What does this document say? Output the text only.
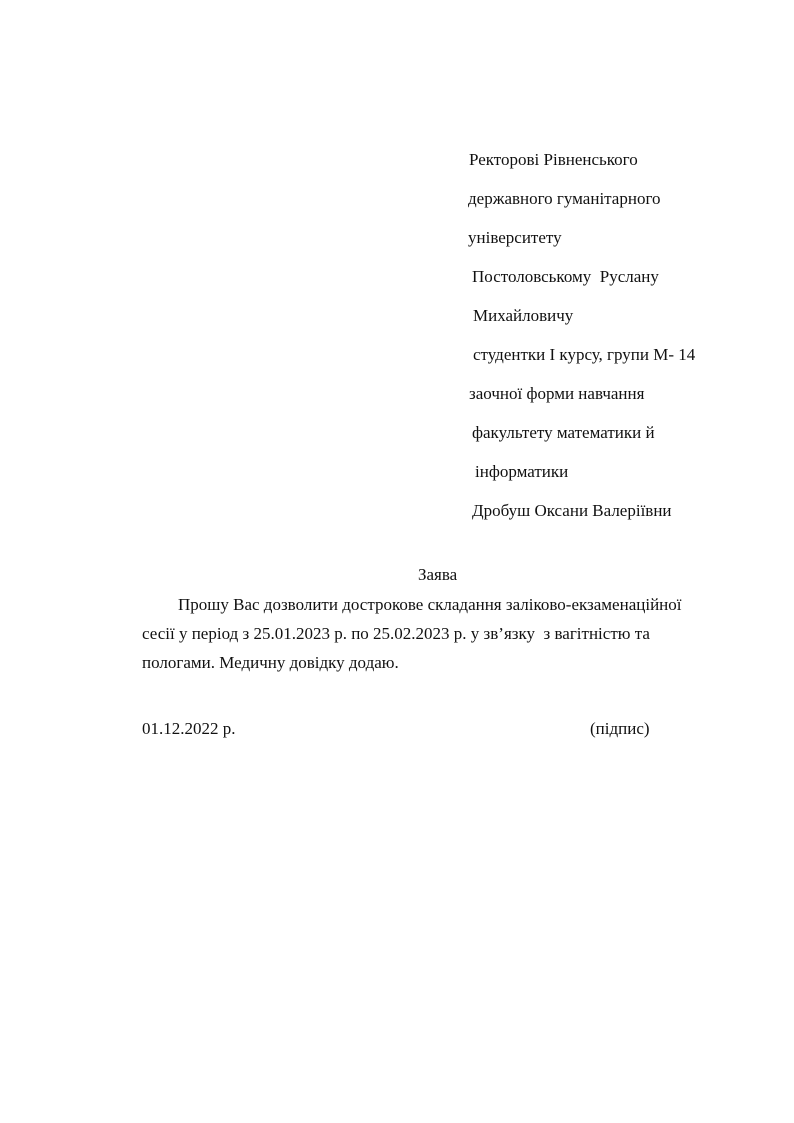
Ректорові Рівненського
державного гуманітарного
університету
Постоловському  Руслану
Михайловичу
студентки I курсу, групи М- 14
заочної форми навчання
факультету математики й
інформатики
Дробуш Оксани Валеріївни
Заява
Прошу Вас дозволити дострокове складання заліково-екзаменаційної
сесії у період з 25.01.2023 р. по 25.02.2023 р. у зв’язку  з вагітністю та
пологами. Медичну довідку додаю.
01.12.2022 р.	(підпис)
